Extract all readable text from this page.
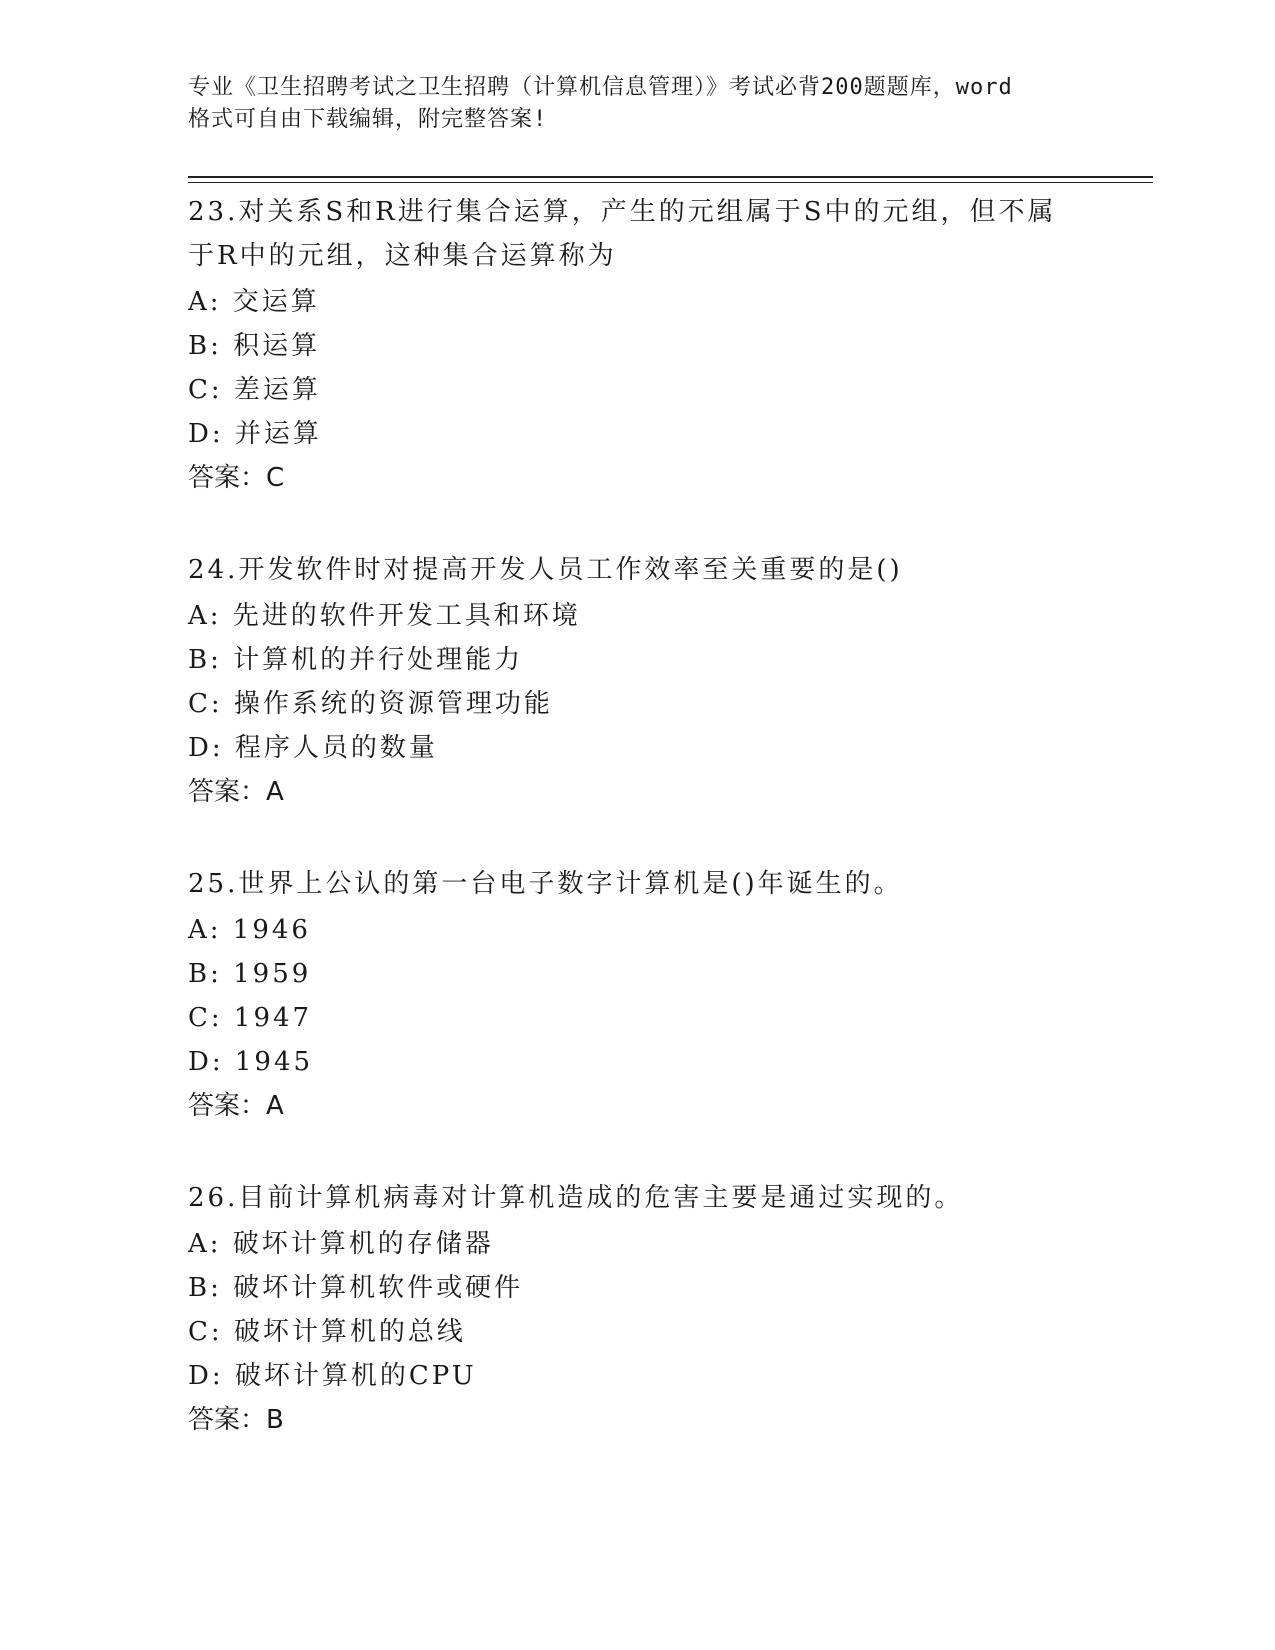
专业《卫生招聘考试之卫生招聘（计算机信息管理）》考试必背200题题库，word
格式可自由下载编辑，附完整答案!
23.对关系S和R进行集合运算，产生的元组属于S中的元组，但不属
于R中的元组，这种集合运算称为
A: 交运算
B: 积运算
C: 差运算
D: 并运算
答案：C
24.开发软件时对提高开发人员工作效率至关重要的是()
A: 先进的软件开发工具和环境
B: 计算机的并行处理能力
C: 操作系统的资源管理功能
D: 程序人员的数量
答案：A
25.世界上公认的第一台电子数字计算机是()年诞生的。
A: 1946
B: 1959
C: 1947
D: 1945
答案：A
26.目前计算机病毒对计算机造成的危害主要是通过实现的。
A: 破坏计算机的存储器
B: 破坏计算机软件或硬件
C: 破坏计算机的总线
D: 破坏计算机的CPU
答案：B
